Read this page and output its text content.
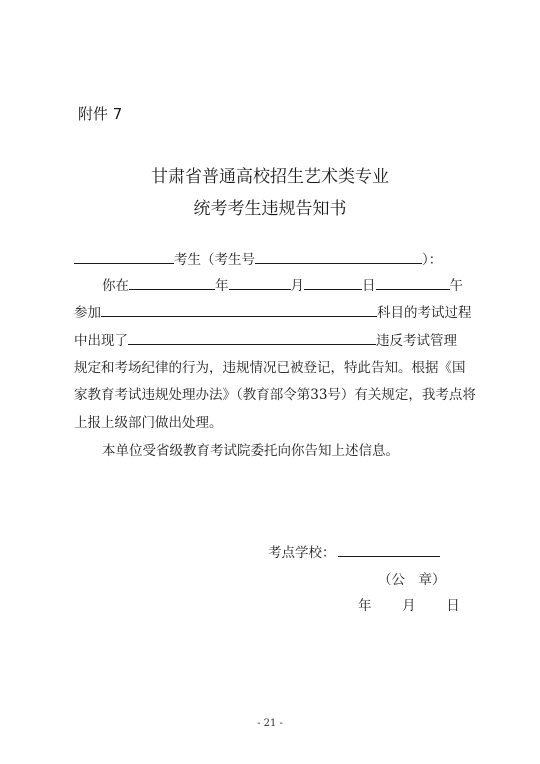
附件 7
甘肃省普通高校招生艺术类专业
统考考生违规告知书
考生（考生号	）：
你在	年	月	日	午
参加	科目的考试过程
中出现了	违反考试管理
规定和考场纪律的行为，违规情况已被登记，特此告知。根据《国
家教育考试违规处理办法》（教育部令第33号）有关规定，我考点将
上报上级部门做出处理。
本单位受省级教育考试院委托向你告知上述信息。
考点学校：
（公　章）
年 月 日
- 21 -
